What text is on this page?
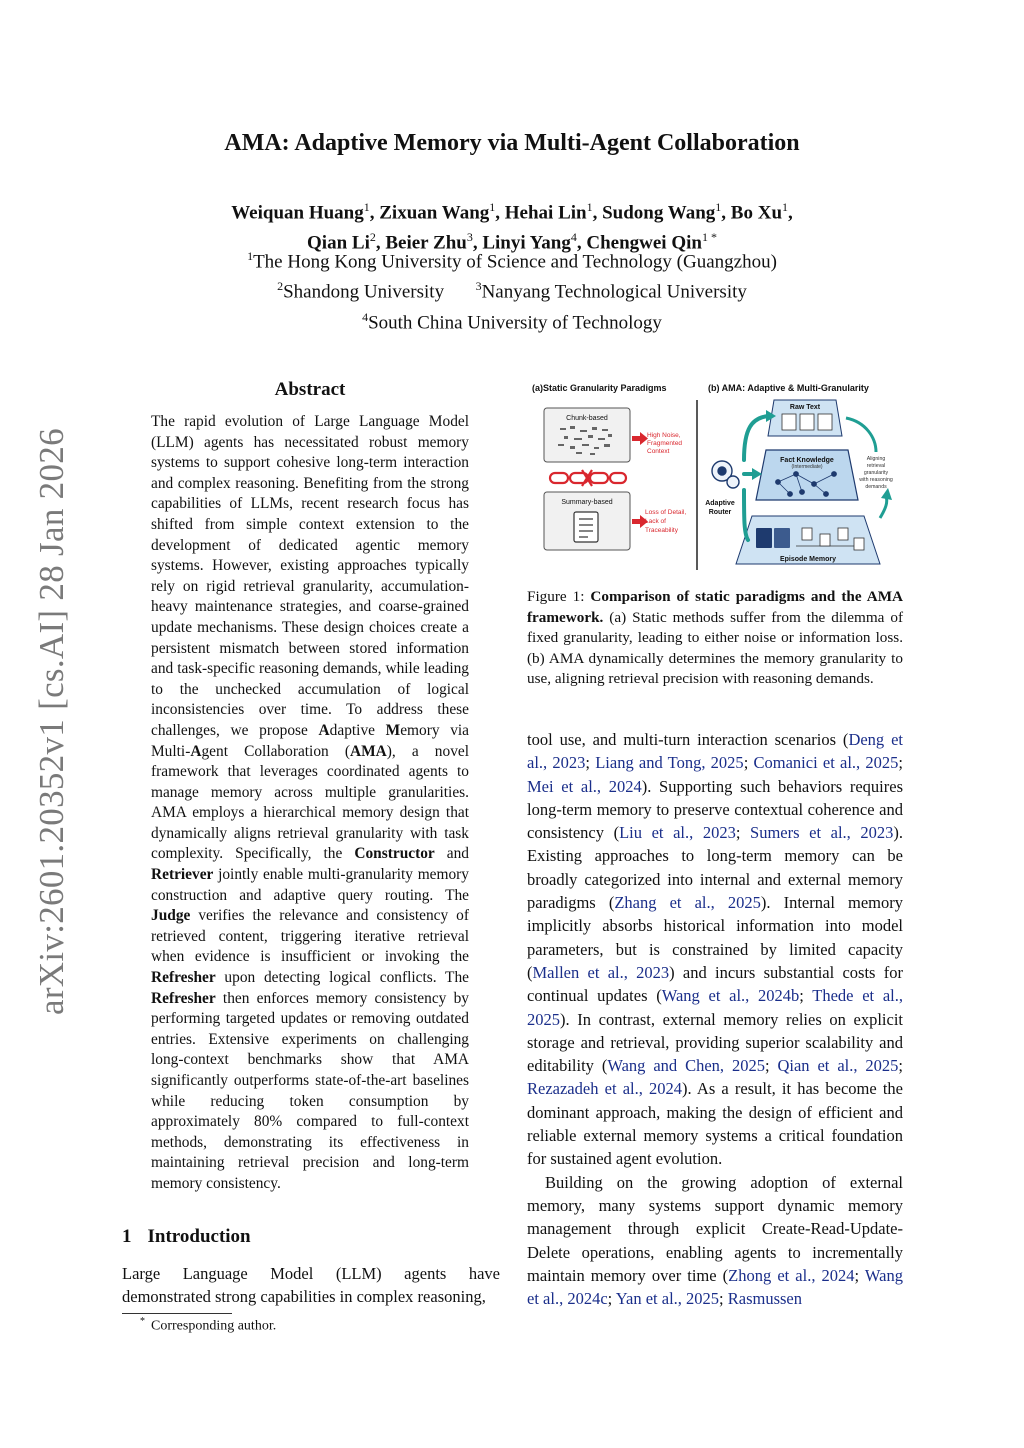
arXiv:2601.20352v1 [cs.AI] 28 Jan 2026
AMA: Adaptive Memory via Multi-Agent Collaboration
Weiquan Huang$^1$, Zixuan Wang$^1$, Hehai Lin$^1$, Sudong Wang$^1$, Bo Xu$^1$,
Qian Li$^2$, Beier Zhu$^3$, Linyi Yang$^4$, Chengwei Qin$^{1 *}$
$^1$The Hong Kong University of Science and Technology (Guangzhou)
$^2$Shandong University	$^3$Nanyang Technological University
$^4$South China University of Technology
Abstract
The rapid evolution of Large Language Model (LLM) agents has necessitated robust memory systems to support cohesive long-term interaction and complex reasoning. Benefiting from the strong capabilities of LLMs, recent research focus has shifted from simple context extension to the development of dedicated agentic memory systems. However, existing approaches typically rely on rigid retrieval granularity, accumulation-heavy maintenance strategies, and coarse-grained update mechanisms. These design choices create a persistent mismatch between stored information and task-specific reasoning demands, while leading to the unchecked accumulation of logical inconsistencies over time. To address these challenges, we propose Adaptive Memory via Multi-Agent Collaboration (AMA), a novel framework that leverages coordinated agents to manage memory across multiple granularities. AMA employs a hierarchical memory design that dynamically aligns retrieval granularity with task complexity. Specifically, the Constructor and Retriever jointly enable multi-granularity memory construction and adaptive query routing. The Judge verifies the relevance and consistency of retrieved content, triggering iterative retrieval when evidence is insufficient or invoking the Refresher upon detecting logical conflicts. The Refresher then enforces memory consistency by performing targeted updates or removing outdated entries. Extensive experiments on challenging long-context benchmarks show that AMA significantly outperforms state-of-the-art baselines while reducing token consumption by approximately 80% compared to full-context methods, demonstrating its effectiveness in maintaining retrieval precision and long-term memory consistency.
1 Introduction
Large Language Model (LLM) agents have demonstrated strong capabilities in complex reasoning,
* Corresponding author.
(a)Static Granularity Paradigms	(b) AMA: Adaptive & Multi-Granularity
Chunk-based
Summary-based
High Noise,
Fragmented
Context
Loss of Detail,
Lack of
Traceability
Raw Text
Fact Knowledge
(Intermediate)
Episode Memory
Adaptive
Router
Aligning
retrieval
granularity
with reasoning
demands
Figure 1: Comparison of static paradigms and the AMA framework. (a) Static methods suffer from the dilemma of fixed granularity, leading to either noise or information loss. (b) AMA dynamically determines the memory granularity to use, aligning retrieval precision with reasoning demands.

tool use, and multi-turn interaction scenarios (Deng et al., 2023; Liang and Tong, 2025; Comanici et al., 2025; Mei et al., 2024). Supporting such behaviors requires long-term memory to preserve contextual coherence and consistency (Liu et al., 2023; Sumers et al., 2023). Existing approaches to long-term memory can be broadly categorized into internal and external memory paradigms (Zhang et al., 2025). Internal memory implicitly absorbs historical information into model parameters, but is constrained by limited capacity (Mallen et al., 2023) and incurs substantial costs for continual updates (Wang et al., 2024b; Thede et al., 2025). In contrast, external memory relies on explicit storage and retrieval, providing superior scalability and editability (Wang and Chen, 2025; Qian et al., 2025; Rezazadeh et al., 2024). As a result, it has become the dominant approach, making the design of efficient and reliable external memory systems a critical foundation for sustained agent evolution.

Building on the growing adoption of external memory, many systems support dynamic memory management through explicit Create-Read-Update-Delete operations, enabling agents to incrementally maintain memory over time (Zhong et al., 2024; Wang et al., 2024c; Yan et al., 2025; Rasmussen
